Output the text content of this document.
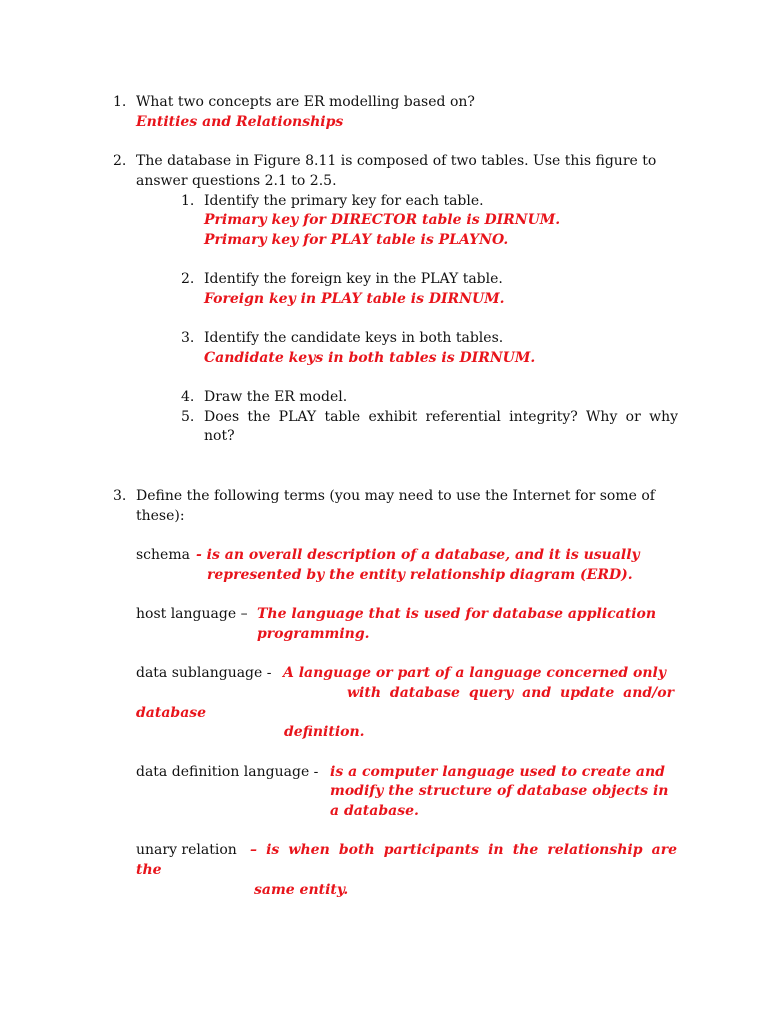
1. What two concepts are ER modelling based on?
Entities and Relationships
2. The database in Figure 8.11 is composed of two tables. Use this figure to
answer questions 2.1 to 2.5.
1. Identify the primary key for each table.
Primary key for DIRECTOR table is DIRNUM.
Primary key for PLAY table is PLAYNO.
2. Identify the foreign key in the PLAY table.
Foreign key in PLAY table is DIRNUM.
3. Identify the candidate keys in both tables.
Candidate keys in both tables is DIRNUM.
4. Draw the ER model.
5. Does the PLAY table exhibit referential integrity? Why or why
not?
3. Define the following terms (you may need to use the Internet for some of
these):
schema - is an overall description of a database, and it is usually
represented by the entity relationship diagram (ERD).
host language – The language that is used for database application
programming.
data sublanguage - A language or part of a language concerned only
with database query and update and/or
database
definition.
data definition language - is a computer language used to create and
modify the structure of database objects in
a database.
unary relation – is when both participants in the relationship are
the
same entity.
